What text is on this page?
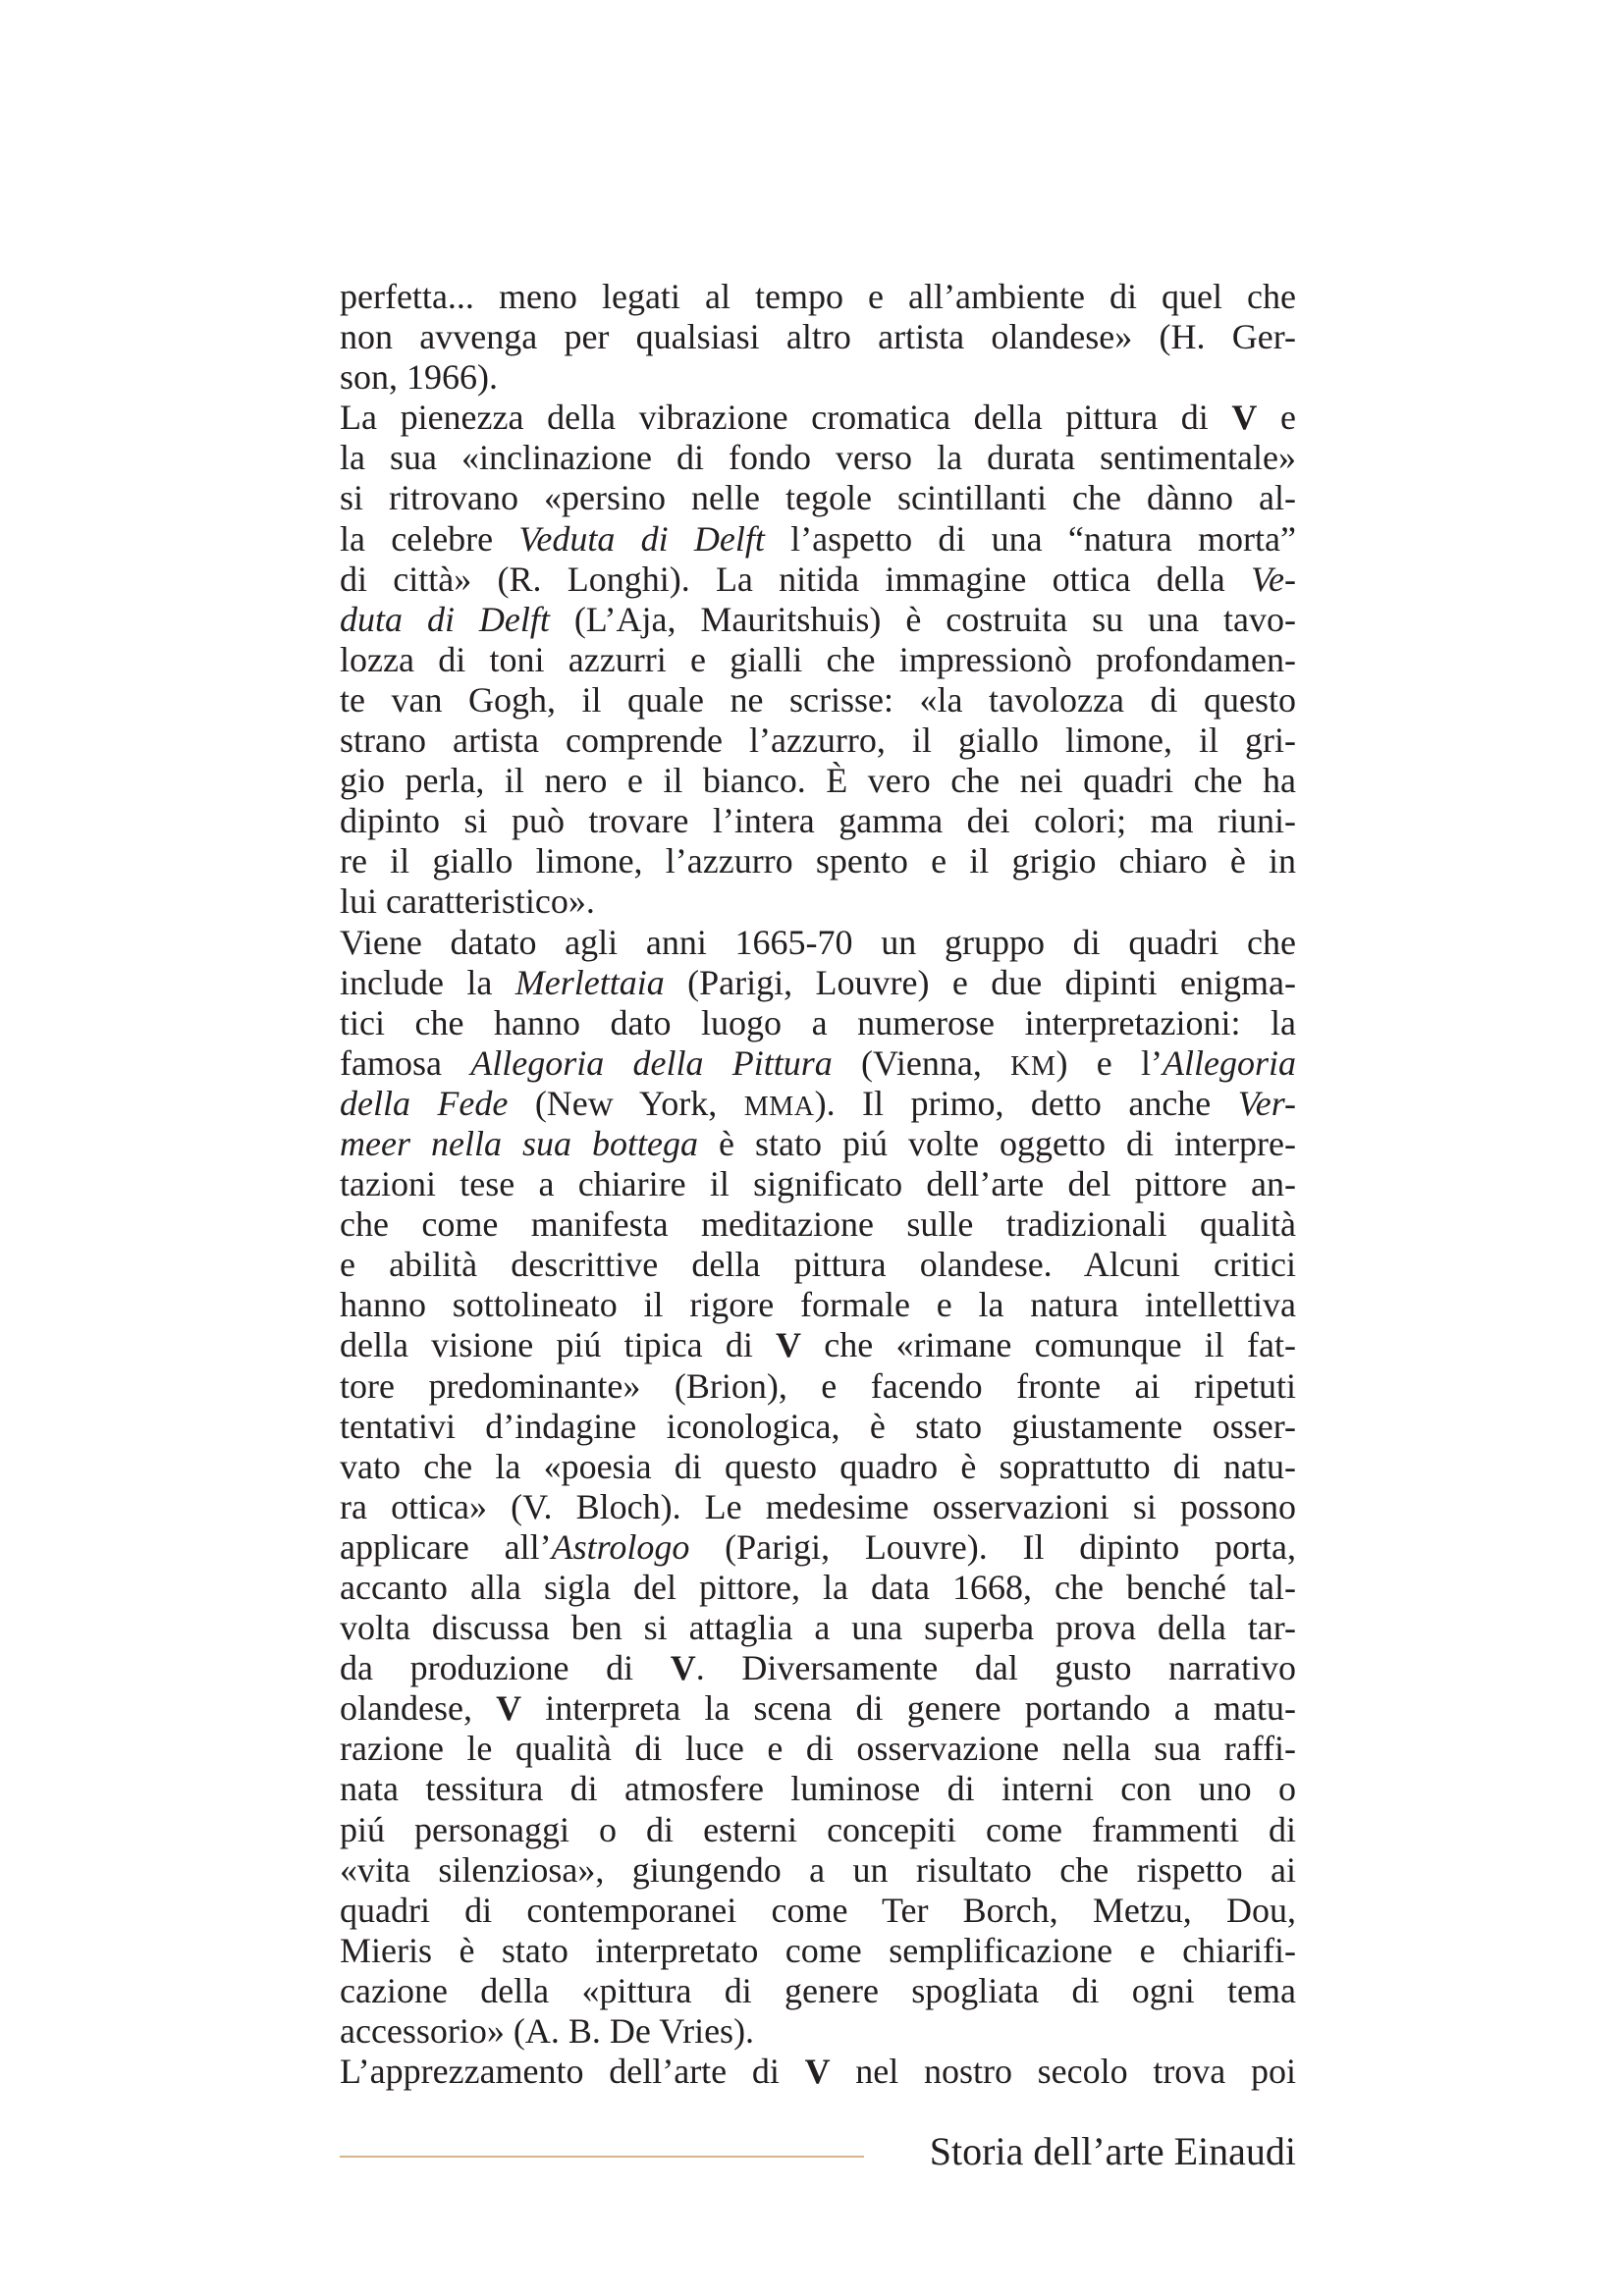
perfetta... meno legati al tempo e all’ambiente di quel che
non avvenga per qualsiasi altro artista olandese» (H. Ger-
son, 1966).
La pienezza della vibrazione cromatica della pittura di V e
la sua «inclinazione di fondo verso la durata sentimentale»
si ritrovano «persino nelle tegole scintillanti che dànno al-
la celebre Veduta di Delft l’aspetto di una “natura morta”
di città» (R. Longhi). La nitida immagine ottica della Ve-
duta di Delft (L’Aja, Mauritshuis) è costruita su una tavo-
lozza di toni azzurri e gialli che impressionò profondamen-
te van Gogh, il quale ne scrisse: «la tavolozza di questo
strano artista comprende l’azzurro, il giallo limone, il gri-
gio perla, il nero e il bianco. È vero che nei quadri che ha
dipinto si può trovare l’intera gamma dei colori; ma riuni-
re il giallo limone, l’azzurro spento e il grigio chiaro è in
lui caratteristico».
Viene datato agli anni 1665-70 un gruppo di quadri che
include la Merlettaia (Parigi, Louvre) e due dipinti enigma-
tici che hanno dato luogo a numerose interpretazioni: la
famosa Allegoria della Pittura (Vienna, KM) e l’Allegoria
della Fede (New York, MMA). Il primo, detto anche Ver-
meer nella sua bottega è stato piú volte oggetto di interpre-
tazioni tese a chiarire il significato dell’arte del pittore an-
che come manifesta meditazione sulle tradizionali qualità
e abilità descrittive della pittura olandese. Alcuni critici
hanno sottolineato il rigore formale e la natura intellettiva
della visione piú tipica di V che «rimane comunque il fat-
tore predominante» (Brion), e facendo fronte ai ripetuti
tentativi d’indagine iconologica, è stato giustamente osser-
vato che la «poesia di questo quadro è soprattutto di natu-
ra ottica» (V. Bloch). Le medesime osservazioni si possono
applicare all’Astrologo (Parigi, Louvre). Il dipinto porta,
accanto alla sigla del pittore, la data 1668, che benché tal-
volta discussa ben si attaglia a una superba prova della tar-
da produzione di V. Diversamente dal gusto narrativo
olandese, V interpreta la scena di genere portando a matu-
razione le qualità di luce e di osservazione nella sua raffi-
nata tessitura di atmosfere luminose di interni con uno o
piú personaggi o di esterni concepiti come frammenti di
«vita silenziosa», giungendo a un risultato che rispetto ai
quadri di contemporanei come Ter Borch, Metzu, Dou,
Mieris è stato interpretato come semplificazione e chiarifi-
cazione della «pittura di genere spogliata di ogni tema
accessorio» (A. B. De Vries).
L’apprezzamento dell’arte di V nel nostro secolo trova poi
Storia dell’arte Einaudi
